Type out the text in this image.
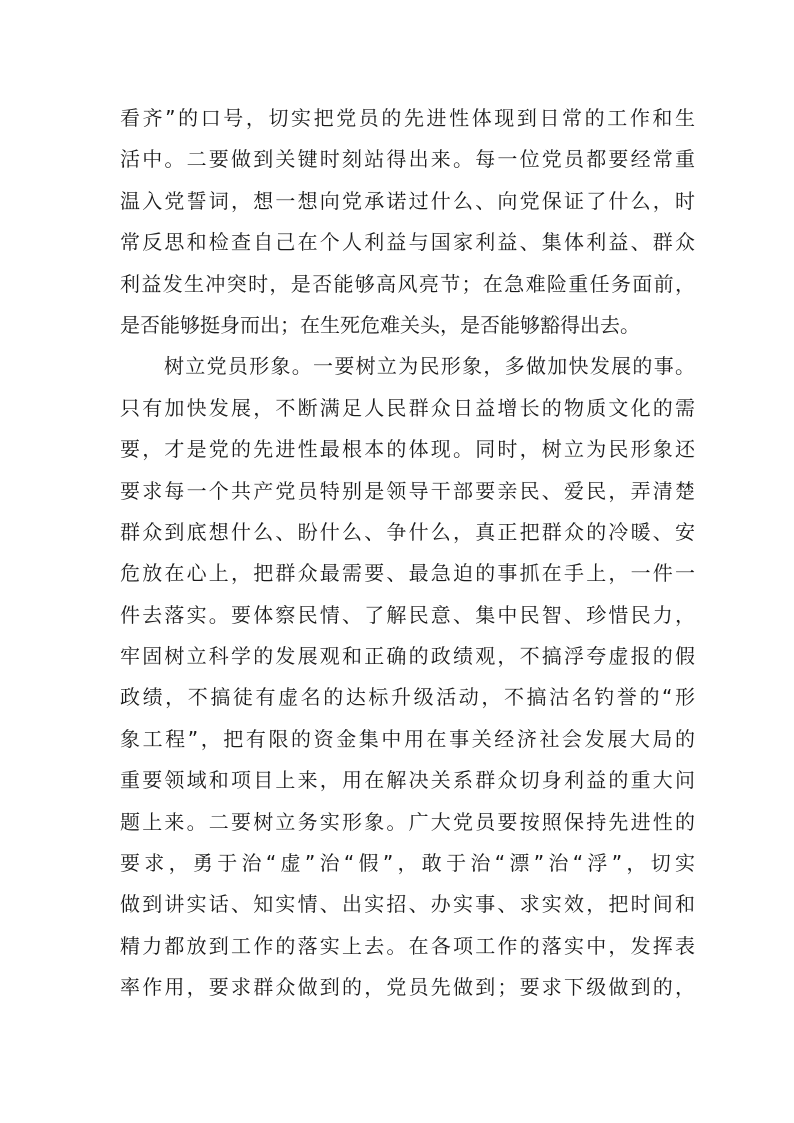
看齐”的口号，切实把党员的先进性体现到日常的工作和生
活中。二要做到关键时刻站得出来。每一位党员都要经常重
温入党誓词，想一想向党承诺过什么、向党保证了什么，时
常反思和检查自己在个人利益与国家利益、集体利益、群众
利益发生冲突时，是否能够高风亮节；在急难险重任务面前，
是否能够挺身而出；在生死危难关头，是否能够豁得出去。
树立党员形象。一要树立为民形象，多做加快发展的事。
只有加快发展，不断满足人民群众日益增长的物质文化的需
要，才是党的先进性最根本的体现。同时，树立为民形象还
要求每一个共产党员特别是领导干部要亲民、爱民，弄清楚
群众到底想什么、盼什么、争什么，真正把群众的冷暖、安
危放在心上，把群众最需要、最急迫的事抓在手上，一件一
件去落实。要体察民情、了解民意、集中民智、珍惜民力，
牢固树立科学的发展观和正确的政绩观，不搞浮夸虚报的假
政绩，不搞徒有虚名的达标升级活动，不搞沽名钓誉的“形
象工程”，把有限的资金集中用在事关经济社会发展大局的
重要领域和项目上来，用在解决关系群众切身利益的重大问
题上来。二要树立务实形象。广大党员要按照保持先进性的
要求，勇于治“虚”治“假”，敢于治“漂”治“浮”，切实
做到讲实话、知实情、出实招、办实事、求实效，把时间和
精力都放到工作的落实上去。在各项工作的落实中，发挥表
率作用，要求群众做到的，党员先做到；要求下级做到的，
